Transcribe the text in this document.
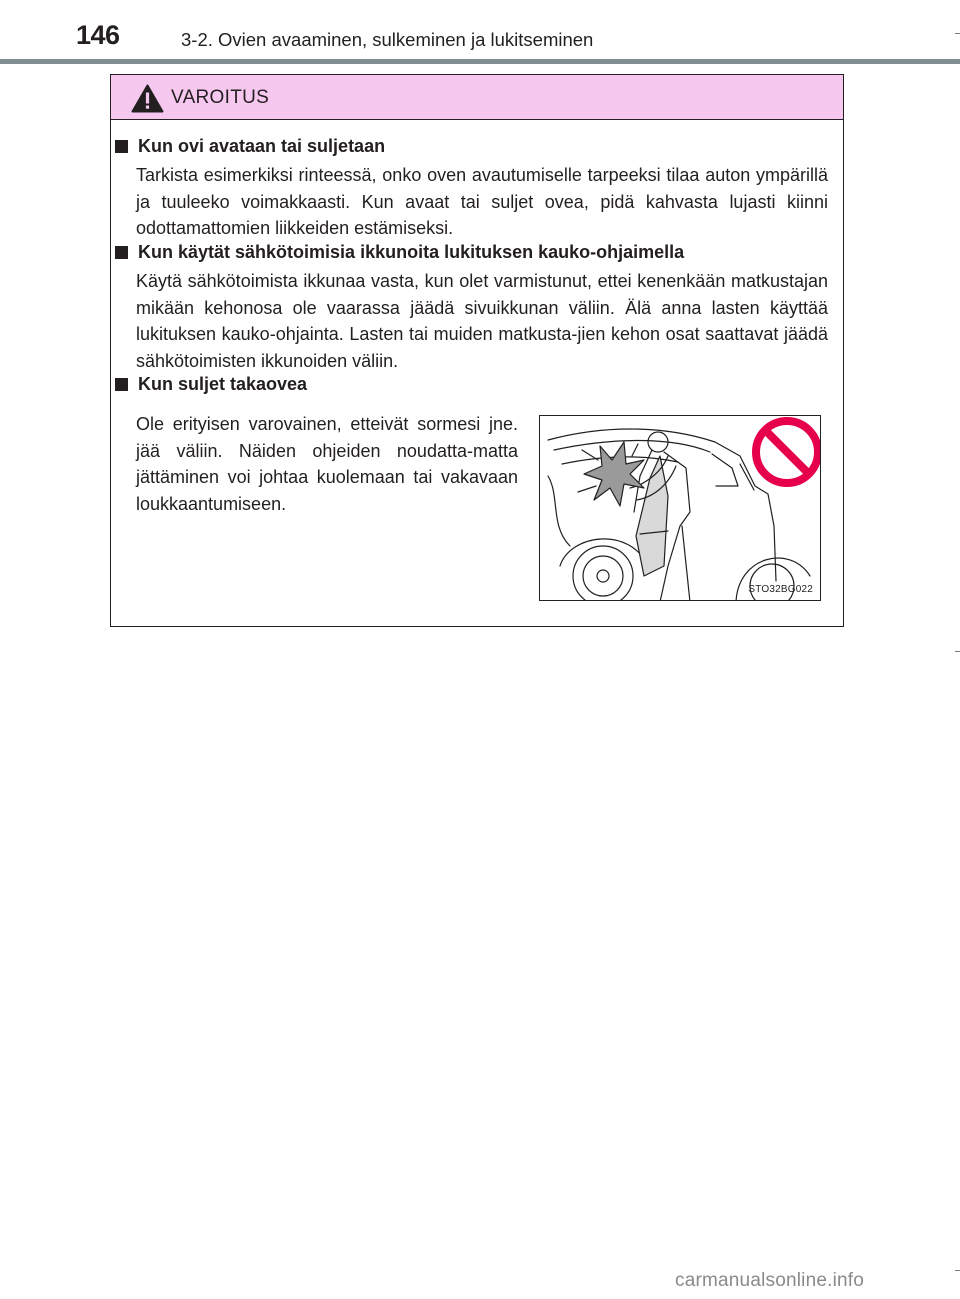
146	3-2. Ovien avaaminen, sulkeminen ja lukitseminen
VAROITUS
Kun ovi avataan tai suljetaan
Tarkista esimerkiksi rinteessä, onko oven avautumiselle tarpeeksi tilaa auton ympärillä ja tuuleeko voimakkaasti. Kun avaat tai suljet ovea, pidä kahvasta lujasti kiinni odottamattomien liikkeiden estämiseksi.
Kun käytät sähkötoimisia ikkunoita lukituksen kauko-ohjaimella
Käytä sähkötoimista ikkunaa vasta, kun olet varmistunut, ettei kenenkään matkustajan mikään kehonosa ole vaarassa jäädä sivuikkunan väliin. Älä anna lasten käyttää lukituksen kauko-ohjainta. Lasten tai muiden matkusta-jien kehon osat saattavat jäädä sähkötoimisten ikkunoiden väliin.
Kun suljet takaovea
Ole erityisen varovainen, etteivät sormesi jne. jää väliin. Näiden ohjeiden noudatta-matta jättäminen voi johtaa kuolemaan tai vakavaan loukkaantumiseen.
STO32BG022
carmanualsonline.info
